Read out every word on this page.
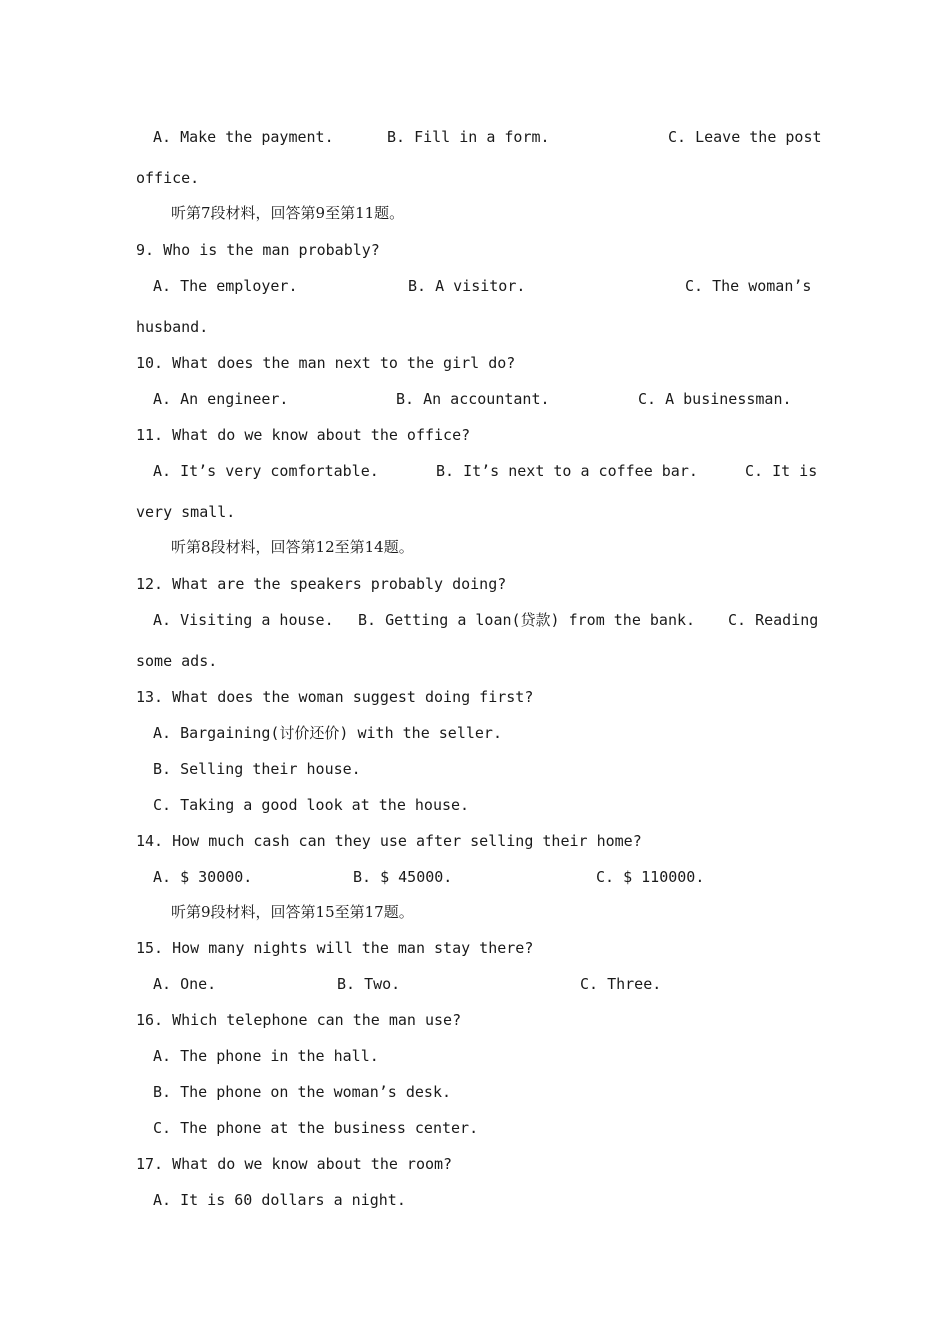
A. Make the payment.	B. Fill in a form.	C. Leave the post
office.
听第7段材料，回答第9至第11题。
9. Who is the man probably?
A. The employer.	B. A visitor.	C. The woman’s
husband.
10. What does the man next to the girl do?
A. An engineer.	B. An accountant.	C. A businessman.
11. What do we know about the office?
A. It’s very comfortable.	B. It’s next to a coffee bar.	C. It is
very small.
听第8段材料，回答第12至第14题。
12. What are the speakers probably doing?
A. Visiting a house. B. Getting a loan(贷款) from the bank. C. Reading
some ads.
13. What does the woman suggest doing first?
A. Bargaining(讨价还价) with the seller.
B. Selling their house.
C. Taking a good look at the house.
14. How much cash can they use after selling their home?
A. $ 30000.	B. $ 45000.	C. $ 110000.
听第9段材料，回答第15至第17题。
15. How many nights will the man stay there?
A. One.	B. Two.	C. Three.
16. Which telephone can the man use?
A. The phone in the hall.
B. The phone on the woman’s desk.
C. The phone at the business center.
17. What do we know about the room?
A. It is 60 dollars a night.
